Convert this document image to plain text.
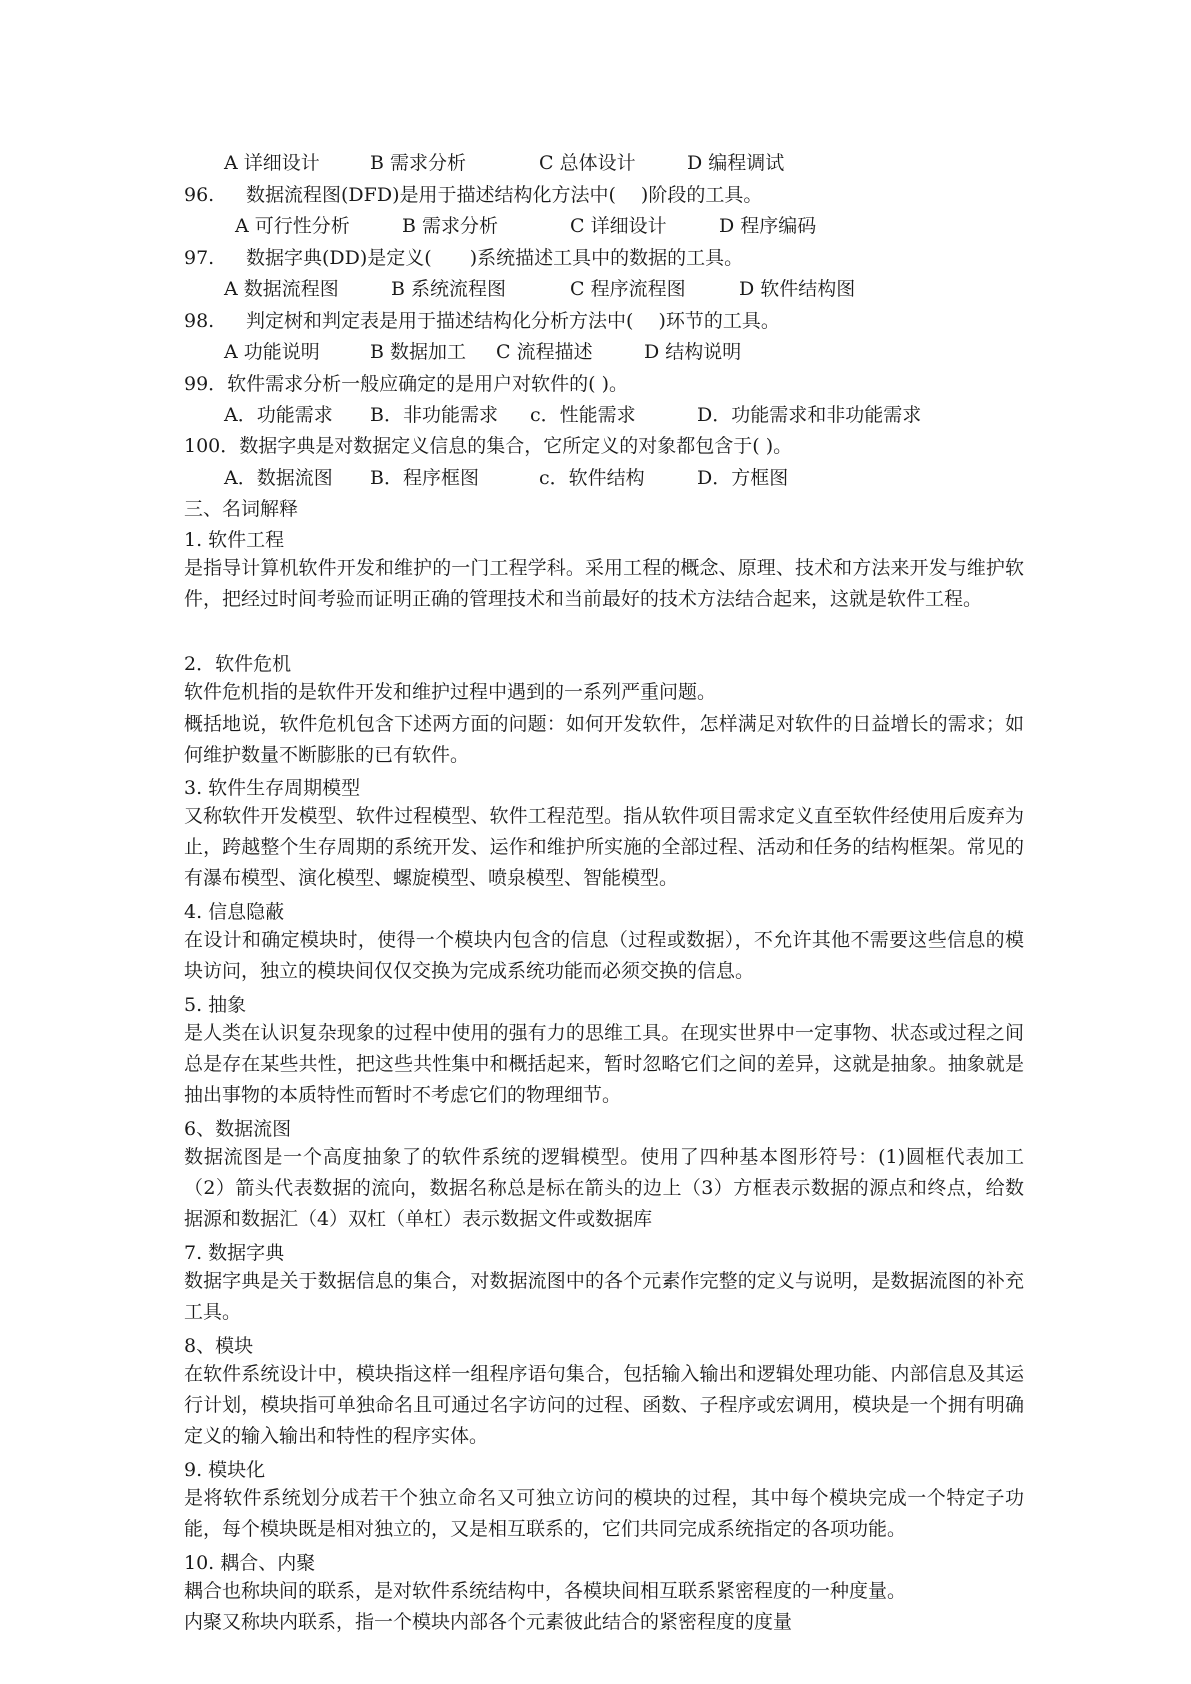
A 详细设计	B 需求分析	C 总体设计	D 编程调试
96. 数据流程图(DFD)是用于描述结构化方法中(　 )阶段的工具。
A 可行性分析	B 需求分析	C 详细设计	D 程序编码
97. 数据字典(DD)是定义(　　)系统描述工具中的数据的工具。
A 数据流程图	B 系统流程图	C 程序流程图	D 软件结构图
98. 判定树和判定表是用于描述结构化分析方法中(　 )环节的工具。
A 功能说明	B 数据加工 C 流程描述	D 结构说明
99．软件需求分析一般应确定的是用户对软件的( )。
A．功能需求 B．非功能需求 c．性能需求	D．功能需求和非功能需求
100．数据字典是对数据定义信息的集合，它所定义的对象都包含于( )。
A．数据流图 B．程序框图	c．软件结构	D．方框图
三、名词解释
1. 软件工程
是指导计算机软件开发和维护的一门工程学科。采用工程的概念、原理、技术和方法来开发与维护软件，把经过时间考验而证明正确的管理技术和当前最好的技术方法结合起来，这就是软件工程。
2．软件危机
软件危机指的是软件开发和维护过程中遇到的一系列严重问题。
概括地说，软件危机包含下述两方面的问题：如何开发软件，怎样满足对软件的日益增长的需求；如何维护数量不断膨胀的已有软件。
3. 软件生存周期模型
又称软件开发模型、软件过程模型、软件工程范型。指从软件项目需求定义直至软件经使用后废弃为止，跨越整个生存周期的系统开发、运作和维护所实施的全部过程、活动和任务的结构框架。常见的有瀑布模型、演化模型、螺旋模型、喷泉模型、智能模型。
4. 信息隐蔽
在设计和确定模块时，使得一个模块内包含的信息（过程或数据），不允许其他不需要这些信息的模块访问，独立的模块间仅仅交换为完成系统功能而必须交换的信息。
5. 抽象
是人类在认识复杂现象的过程中使用的强有力的思维工具。在现实世界中一定事物、状态或过程之间总是存在某些共性，把这些共性集中和概括起来，暂时忽略它们之间的差异，这就是抽象。抽象就是抽出事物的本质特性而暂时不考虑它们的物理细节。
6、数据流图
数据流图是一个高度抽象了的软件系统的逻辑模型。使用了四种基本图形符号：(1)圆框代表加工（2）箭头代表数据的流向，数据名称总是标在箭头的边上（3）方框表示数据的源点和终点，给数据源和数据汇（4）双杠（单杠）表示数据文件或数据库
7. 数据字典
数据字典是关于数据信息的集合，对数据流图中的各个元素作完整的定义与说明，是数据流图的补充工具。
8、模块
在软件系统设计中，模块指这样一组程序语句集合，包括输入输出和逻辑处理功能、内部信息及其运行计划，模块指可单独命名且可通过名字访问的过程、函数、子程序或宏调用，模块是一个拥有明确定义的输入输出和特性的程序实体。
9. 模块化
是将软件系统划分成若干个独立命名又可独立访问的模块的过程，其中每个模块完成一个特定子功能，每个模块既是相对独立的，又是相互联系的，它们共同完成系统指定的各项功能。
10. 耦合、内聚
耦合也称块间的联系，是对软件系统结构中，各模块间相互联系紧密程度的一种度量。
内聚又称块内联系，指一个模块内部各个元素彼此结合的紧密程度的度量
